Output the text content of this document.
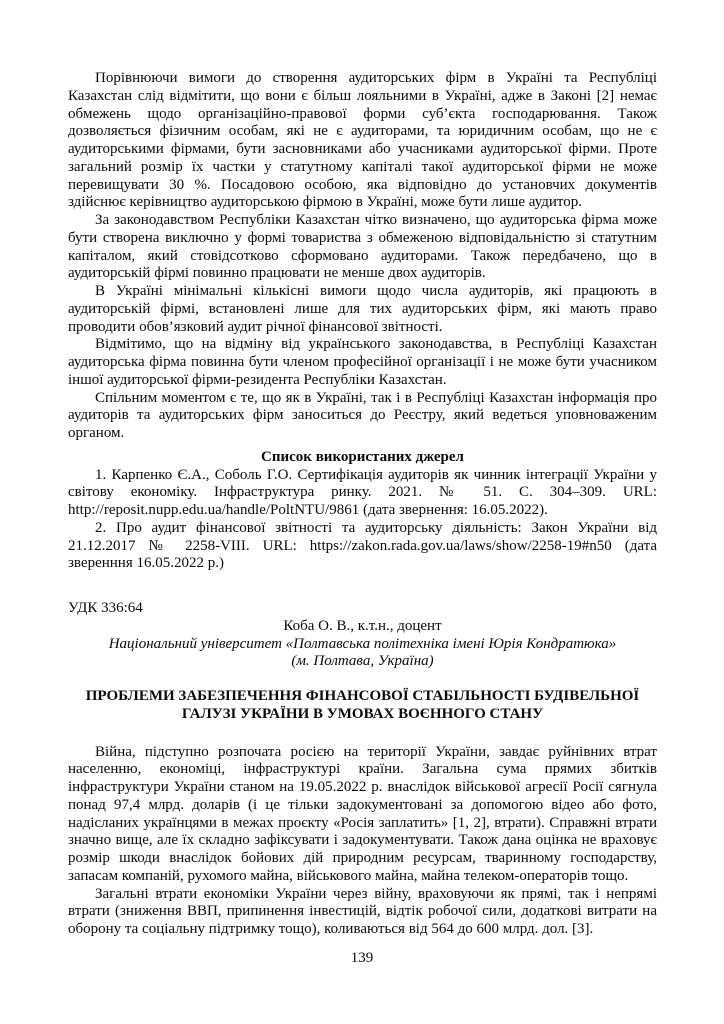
Порівнюючи вимоги до створення аудиторських фірм в Україні та Республіці Казахстан слід відмітити, що вони є більш лояльними в Україні, адже в Законі [2] немає обмежень щодо організаційно-правової форми суб’єкта господарювання. Також дозволяється фізичним особам, які не є аудиторами, та юридичним особам, що не є аудиторськими фірмами, бути засновниками або учасниками аудиторської фірми. Проте загальний розмір їх частки у статутному капіталі такої аудиторської фірми не може перевищувати 30 %. Посадовою особою, яка відповідно до установчих документів здійснює керівництво аудиторською фірмою в Україні, може бути лише аудитор.

За законодавством Республіки Казахстан чітко визначено, що аудиторська фірма може бути створена виключно у формі товариства з обмеженою відповідальністю зі статутним капіталом, який стовідсотково сформовано аудиторами. Також передбачено, що в аудиторській фірмі повинно працювати не менше двох аудиторів.

В Україні мінімальні кількісні вимоги щодо числа аудиторів, які працюють в аудиторській фірмі, встановлені лише для тих аудиторських фірм, які мають право проводити обов’язковий аудит річної фінансової звітності.

Відмітимо, що на відміну від українського законодавства, в Республіці Казахстан аудиторська фірма повинна бути членом професійної організації і не може бути учасником іншої аудиторської фірми-резидента Республіки Казахстан.

Спільним моментом є те, що як в Україні, так і в Республіці Казахстан інформація про аудиторів та аудиторських фірм заноситься до Реєстру, який ведеться уповноваженим органом.

Список використаних джерел

1. Карпенко Є.А., Соболь Г.О. Сертифікація аудиторів як чинник інтеграції України у світову економіку. Інфраструктура ринку. 2021. № 51. С. 304–309. URL: http://reposit.nupp.edu.ua/handle/PoltNTU/9861 (дата звернення: 16.05.2022).

2. Про аудит фінансової звітності та аудиторську діяльність: Закон України від 21.12.2017 № 2258-VIII. URL: https://zakon.rada.gov.ua/laws/show/2258-19#n50 (дата зверенння 16.05.2022 р.)

УДК 336:64
Коба О. В., к.т.н., доцент
Національний університет «Полтавська політехніка імені Юрія Кондратюка»
(м. Полтава, Україна)
ПРОБЛЕМИ ЗАБЕЗПЕЧЕННЯ ФІНАНСОВОЇ СТАБІЛЬНОСТІ БУДІВЕЛЬНОЇ ГАЛУЗІ УКРАЇНИ В УМОВАХ ВОЄННОГО СТАНУ

Війна, підступно розпочата росією на території України, завдає руйнівних втрат населенню, економіці, інфраструктурі країни. Загальна сума прямих збитків інфраструктури України станом на 19.05.2022 р. внаслідок військової агресії Росії сягнула понад 97,4 млрд. доларів (і це тільки задокументовані за допомогою відео або фото, надісланих українцями в межах проєкту «Росія заплатить» [1, 2], втрати). Справжні втрати значно вище, але їх складно зафіксувати і задокументувати. Також дана оцінка не враховує розмір шкоди внаслідок бойових дій природним ресурсам, тваринному господарству, запасам компаній, рухомого майна, військового майна, майна телеком-операторів тощо.

Загальні втрати економіки України через війну, враховуючи як прямі, так і непрямі втрати (зниження ВВП, припинення інвестицій, відтік робочої сили, додаткові витрати на оборону та соціальну підтримку тощо), коливаються від 564 до 600 млрд. дол. [3].

139
